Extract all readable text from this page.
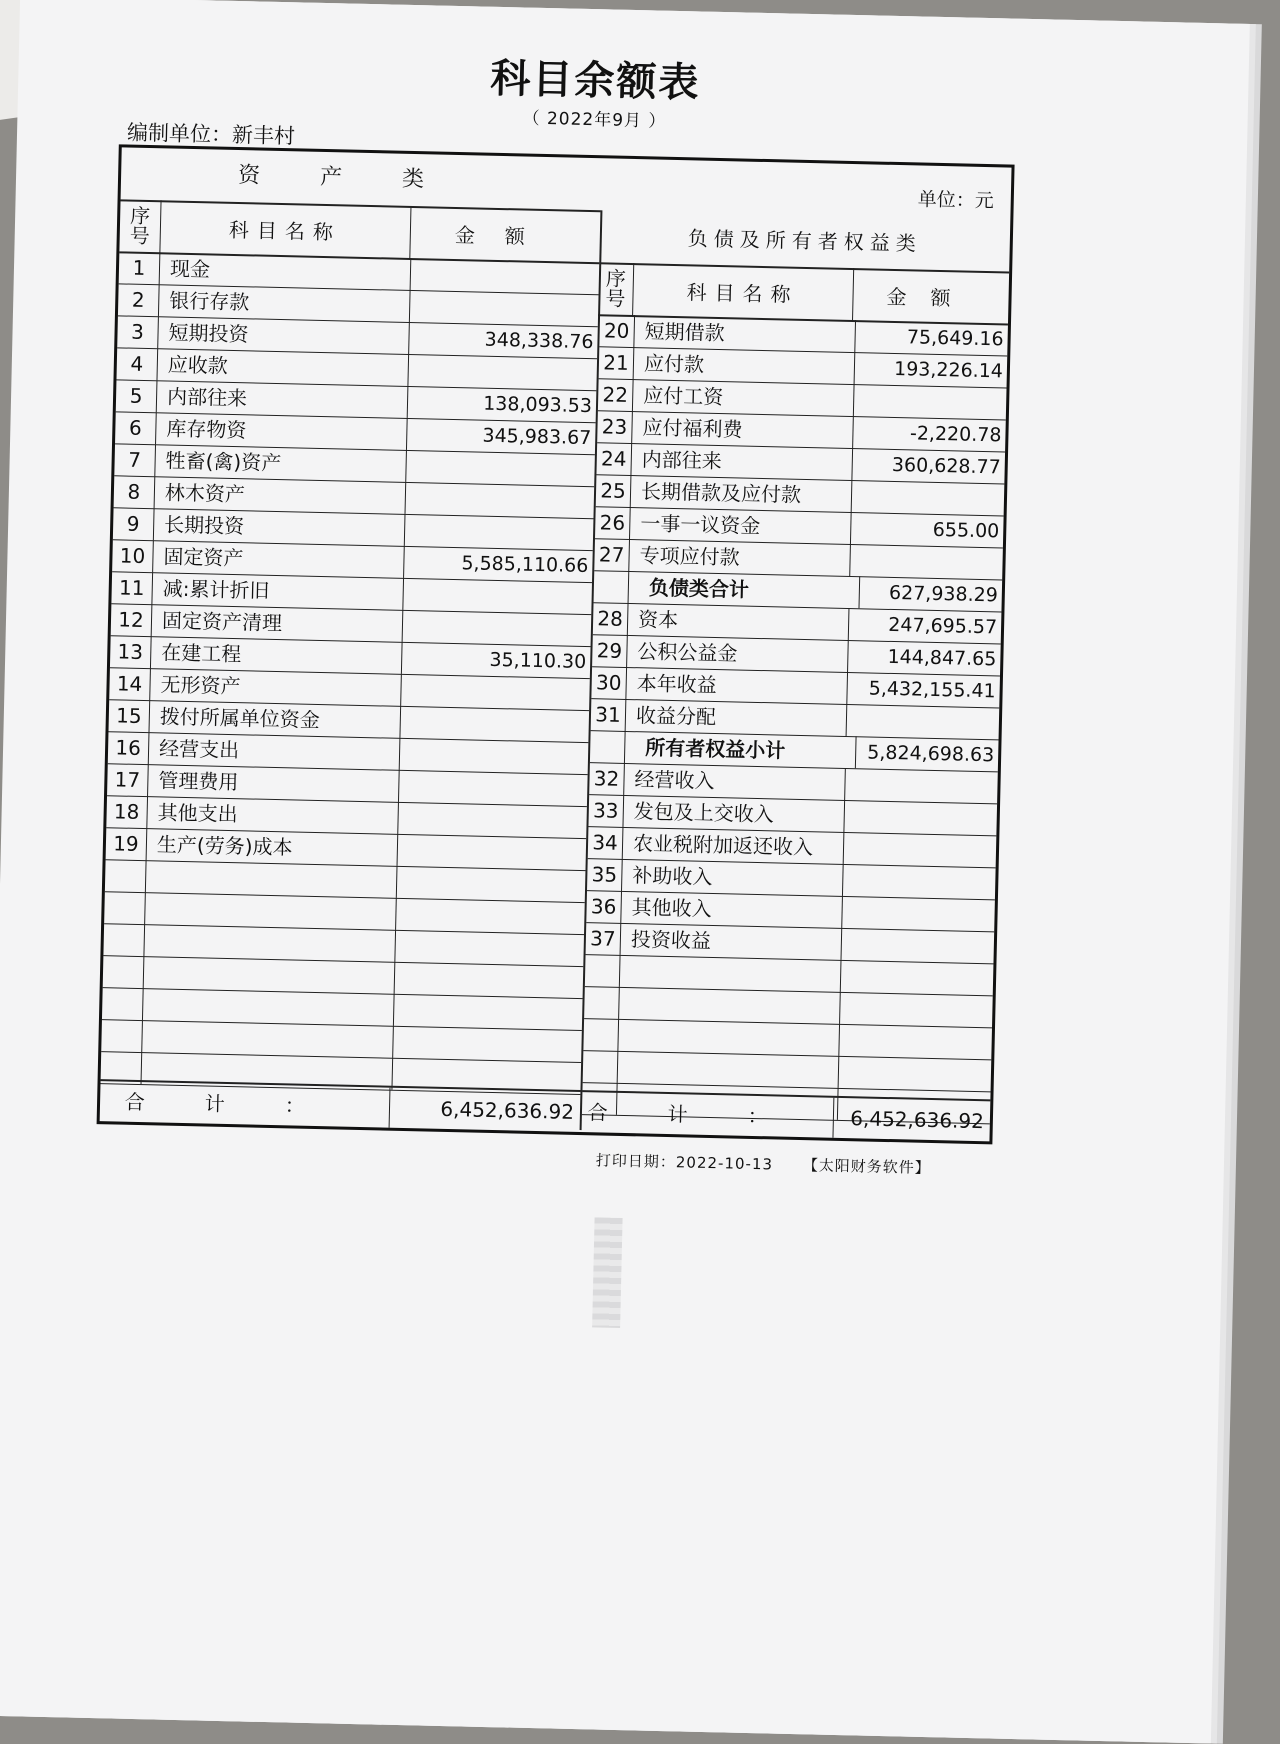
科目余额表
（ 2022年9月 ）
编制单位：新丰村
单位：元
资产类
负债及所有者权益类
序
号	科目名称	金额
序
号	科目名称	金额
1	现金
2	银行存款
3	短期投资	348,338.76
4	应收款
5	内部往来	138,093.53
6	库存物资	345,983.67
7	牲畜(禽)资产
8	林木资产
9	长期投资
10 固定资产	5,585,110.66
11 减:累计折旧
12 固定资产清理
13 在建工程	35,110.30
14 无形资产
15 拨付所属单位资金
16 经营支出
17 管理费用
18 其他支出
19 生产(劳务)成本
20 短期借款	75,649.16
21 应付款	193,226.14
22 应付工资
23 应付福利费	-2,220.78
24 内部往来	360,628.77
25 长期借款及应付款
26 一事一议资金	655.00
27 专项应付款
负债类合计	627,938.29
28 资本	247,695.57
29 公积公益金	144,847.65
30 本年收益	5,432,155.41
31 收益分配
所有者权益小计	5,824,698.63
32 经营收入
33 发包及上交收入
34 农业税附加返还收入
35 补助收入
36 其他收入
37 投资收益
合计：	6,452,636.92 合计：	6,452,636.92
打印日期：2022-10-13 【太阳财务软件】
